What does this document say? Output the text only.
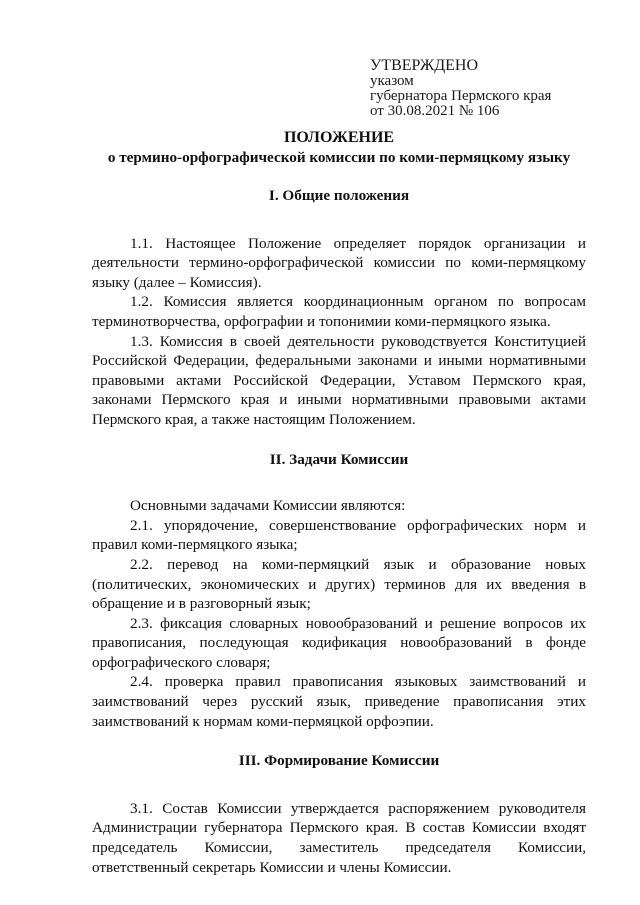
УТВЕРЖДЕНО
указом
губернатора Пермского края
от 30.08.2021 № 106
ПОЛОЖЕНИЕ
о термино-орфографической комиссии по коми-пермяцкому языку
I. Общие положения

1.1. Настоящее Положение определяет порядок организации и деятельности термино-орфографической комиссии по коми-пермяцкому языку (далее – Комиссия).

1.2. Комиссия является координационным органом по вопросам терминотворчества, орфографии и топонимии коми-пермяцкого языка.

1.3. Комиссия в своей деятельности руководствуется Конституцией Российской Федерации, федеральными законами и иными нормативными правовыми актами Российской Федерации, Уставом Пермского края, законами Пермского края и иными нормативными правовыми актами Пермского края, а также настоящим Положением.

II. Задачи Комиссии

Основными задачами Комиссии являются:

2.1. упорядочение, совершенствование орфографических норм и правил коми-пермяцкого языка;

2.2. перевод на коми-пермяцкий язык и образование новых (политических, экономических и других) терминов для их введения в обращение и в разговорный язык;

2.3. фиксация словарных новообразований и решение вопросов их правописания, последующая кодификация новообразований в фонде орфографического словаря;

2.4. проверка правил правописания языковых заимствований и заимствований через русский язык, приведение правописания этих заимствований к нормам коми-пермяцкой орфоэпии.

III. Формирование Комиссии

3.1. Состав Комиссии утверждается распоряжением руководителя Администрации губернатора Пермского края. В состав Комиссии входят председатель Комиссии, заместитель председателя Комиссии, ответственный секретарь Комиссии и члены Комиссии.
